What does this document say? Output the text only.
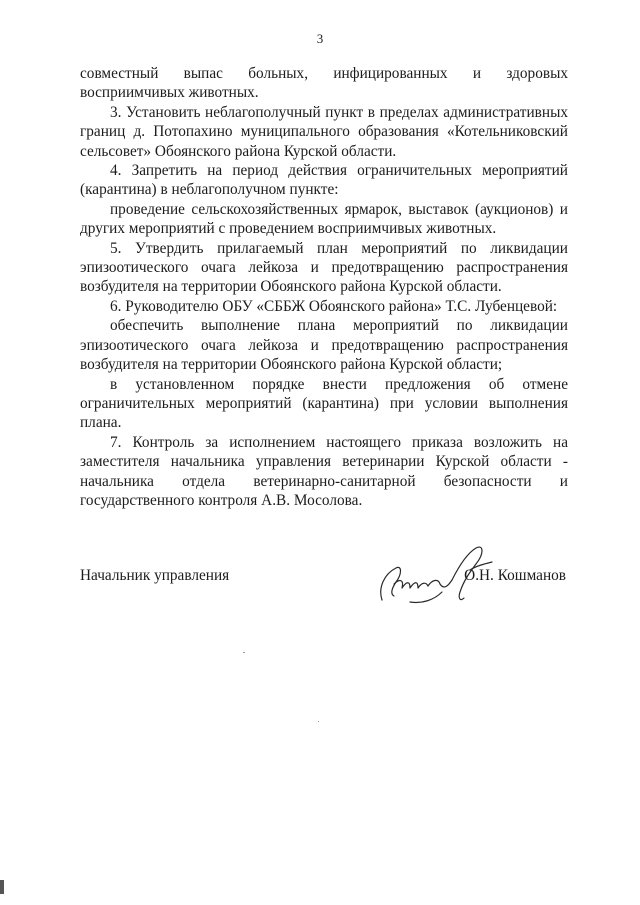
3

совместный выпас больных, инфицированных и здоровых

восприимчивых животных.

3. Установить неблагополучный пункт в пределах административных

границ д. Потопахино муниципального образования «Котельниковский

сельсовет» Обоянского района Курской области.

4. Запретить на период действия ограничительных мероприятий

(карантина) в неблагополучном пункте:

проведение сельскохозяйственных ярмарок, выставок (аукционов) и

других мероприятий с проведением восприимчивых животных.

5. Утвердить прилагаемый план мероприятий по ликвидации

эпизоотического очага лейкоза и предотвращению распространения

возбудителя на территории Обоянского района Курской области.

6. Руководителю ОБУ «СББЖ Обоянского района» Т.С. Лубенцевой:

обеспечить выполнение плана мероприятий по ликвидации

эпизоотического очага лейкоза и предотвращению распространения

возбудителя на территории Обоянского района Курской области;

в установленном порядке внести предложения об отмене

ограничительных мероприятий (карантина) при условии выполнения

плана.

7. Контроль за исполнением настоящего приказа возложить на

заместителя начальника управления ветеринарии Курской области -

начальника отдела ветеринарно-санитарной безопасности и

государственного контроля А.В. Мосолова.

Начальник управления	О.Н. Кошманов
